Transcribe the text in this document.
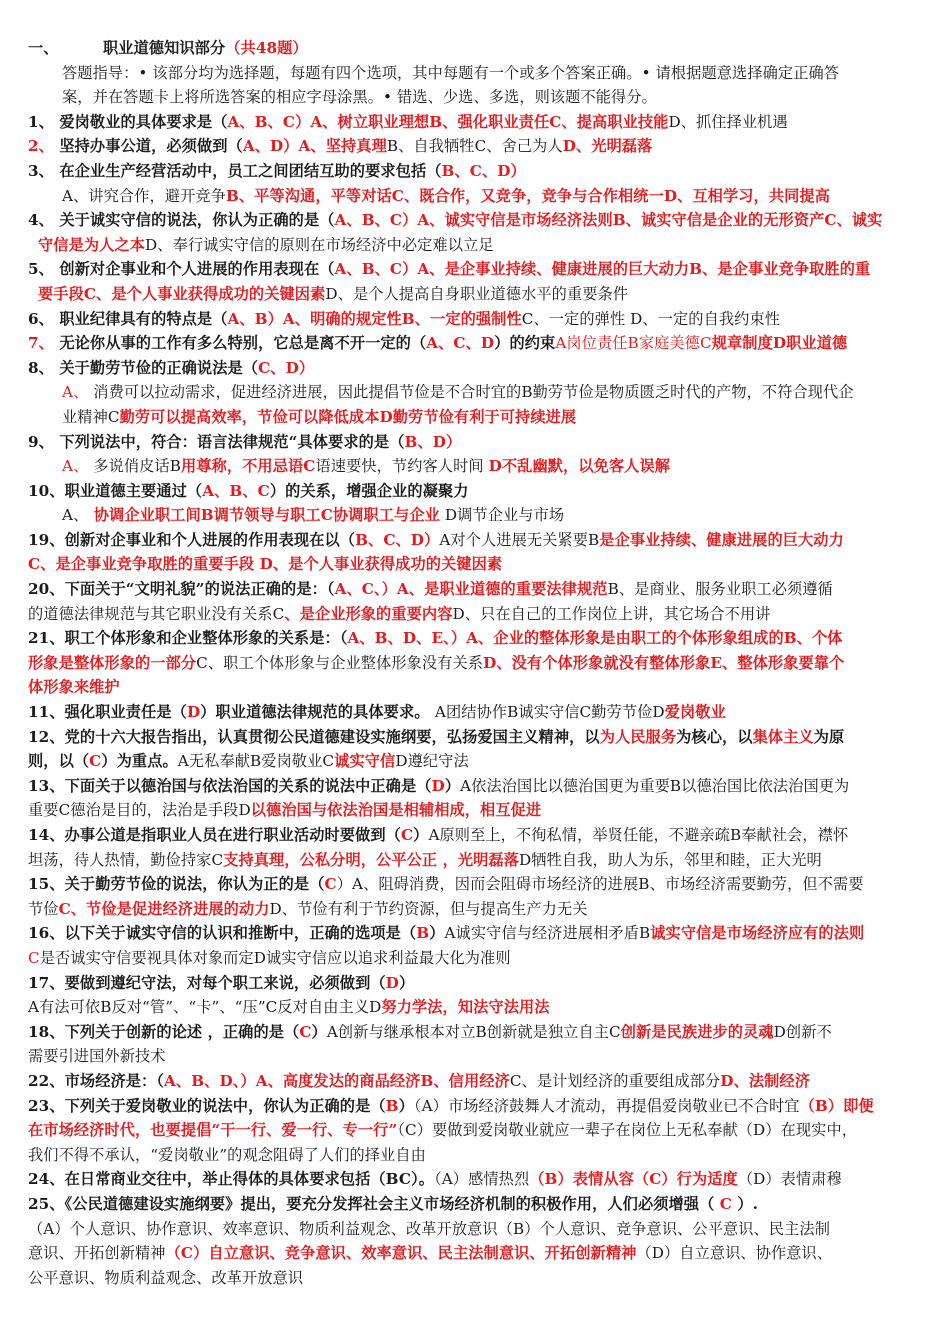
一、	职业道德知识部分（共48题）

答题指导：• 该部分均为选择题，每题有四个选项，其中每题有一个或多个答案正确。• 请根据题意选择确定正确答

案，并在答题卡上将所选答案的相应字母涂黑。• 错选、少选、多选，则该题不能得分。

1、 爱岗敬业的具体要求是（A、B、C）A、树立职业理想B、强化职业责任C、提高职业技能D、抓住择业机遇

2、 坚持办事公道，必须做到（A、D）A、坚持真理B、自我牺牲C、舍己为人D、光明磊落

3、 在企业生产经营活动中，员工之间团结互助的要求包括（B、C、D）

A、讲究合作，避开竞争B、平等沟通，平等对话C、既合作，又竞争，竞争与合作相统一D、互相学习，共同提高

4、 关于诚实守信的说法，你认为正确的是（A、B、C）A、诚实守信是市场经济法则B、诚实守信是企业的无形资产C、诚实
守信是为人之本D、奉行诚实守信的原则在市场经济中必定难以立足

5、 创新对企事业和个人进展的作用表现在（A、B、C）A、是企事业持续、健康进展的巨大动力B、是企事业竞争取胜的重
要手段C、是个人事业获得成功的关键因素D、是个人提高自身职业道德水平的重要条件

6、 职业纪律具有的特点是（A、B）A、明确的规定性B、一定的强制性C、一定的弹性 D、一定的自我约束性

7、 无论你从事的工作有多么特别，它总是离不开一定的（A、C、D）的约束A岗位责任B家庭美德C规章制度D职业道德

8、 关于勤劳节俭的正确说法是（C、D）

A、 消费可以拉动需求，促进经济进展，因此提倡节俭是不合时宜的B勤劳节俭是物质匮乏时代的产物，不符合现代企
业精神C勤劳可以提高效率，节俭可以降低成本D勤劳节俭有利于可持续进展

9、 下列说法中，符合：语言法律规范“具体要求的是（B、D）

A、 多说俏皮话B用尊称，不用忌语C语速要快，节约客人时间 D不乱幽默，以免客人误解

10、职业道德主要通过（A、B、C）的关系，增强企业的凝聚力

A、 协调企业职工间B调节领导与职工C协调职工与企业 D调节企业与市场

19、创新对企事业和个人进展的作用表现在以（B、C、D）A对个人进展无关紧要B是企事业持续、健康进展的巨大动力
C、是企事业竞争取胜的重要手段 D、是个人事业获得成功的关键因素

20、下面关于“文明礼貌”的说法正确的是：（A、C、）A、是职业道德的重要法律规范B、是商业、服务业职工必须遵循
的道德法律规范与其它职业没有关系C、是企业形象的重要内容D、只在自己的工作岗位上讲，其它场合不用讲

21、职工个体形象和企业整体形象的关系是：（A、B、D、E、）A、企业的整体形象是由职工的个体形象组成的B、个体
形象是整体形象的一部分C、职工个体形象与企业整体形象没有关系D、没有个体形象就没有整体形象E、整体形象要靠个
体形象来维护

11、强化职业责任是（D）职业道德法律规范的具体要求。 A团结协作B诚实守信C勤劳节俭D爱岗敬业

12、党的十六大报告指出，认真贯彻公民道德建设实施纲要，弘扬爱国主义精神，以为人民服务为核心，以集体主义为原
则，以（C）为重点。A无私奉献B爱岗敬业C诚实守信D遵纪守法

13、下面关于以德治国与依法治国的关系的说法中正确是（D）A依法治国比以德治国更为重要B以德治国比依法治国更为
重要C德治是目的，法治是手段D以德治国与依法治国是相辅相成，相互促进

14、办事公道是指职业人员在进行职业活动时要做到（C）A原则至上，不徇私情，举贤任能，不避亲疏B奉献社会，襟怀
坦荡，待人热情，勤俭持家C支持真理，公私分明，公平公正 ，光明磊落D牺牲自我，助人为乐，邻里和睦，正大光明

15、关于勤劳节俭的说法，你认为正的是（C）A、阻碍消费，因而会阻碍市场经济的进展B、市场经济需要勤劳，但不需要
节俭C、节俭是促进经济进展的动力D、节俭有利于节约资源，但与提高生产力无关

16、以下关于诚实守信的认识和推断中，正确的选项是（B）A诚实守信与经济进展相矛盾B诚实守信是市场经济应有的法则
C是否诚实守信要视具体对象而定D诚实守信应以追求利益最大化为准则

17、要做到遵纪守法，对每个职工来说，必须做到（D）
A有法可依B反对“管”、“卡”、“压”C反对自由主义D努力学法，知法守法用法

18、下列关于创新的论述 ，正确的是（C）A创新与继承根本对立B创新就是独立自主C创新是民族进步的灵魂D创新不
需要引进国外新技术

22、市场经济是：（A、B、D、）A、高度发达的商品经济B、信用经济C、是计划经济的重要组成部分D、法制经济

23、下列关于爱岗敬业的说法中，你认为正确的是（B）（A）市场经济鼓舞人才流动，再提倡爱岗敬业已不合时宜（B）即便
在市场经济时代，也要提倡“干一行、爱一行、专一行”（C）要做到爱岗敬业就应一辈子在岗位上无私奉献（D）在现实中，
我们不得不承认，“爱岗敬业”的观念阻碍了人们的择业自由

24、在日常商业交往中，举止得体的具体要求包括（BC）。（A）感情热烈（B）表情从容（C）行为适度（D）表情肃穆

25、《公民道德建设实施纲要》提出，要充分发挥社会主义市场经济机制的积极作用，人们必须增强（ C ）.
（A）个人意识、协作意识、效率意识、物质利益观念、改革开放意识（B）个人意识、竞争意识、公平意识、民主法制
意识、开拓创新精神（C）自立意识、竞争意识、效率意识、民主法制意识、开拓创新精神（D）自立意识、协作意识、
公平意识、物质利益观念、改革开放意识
